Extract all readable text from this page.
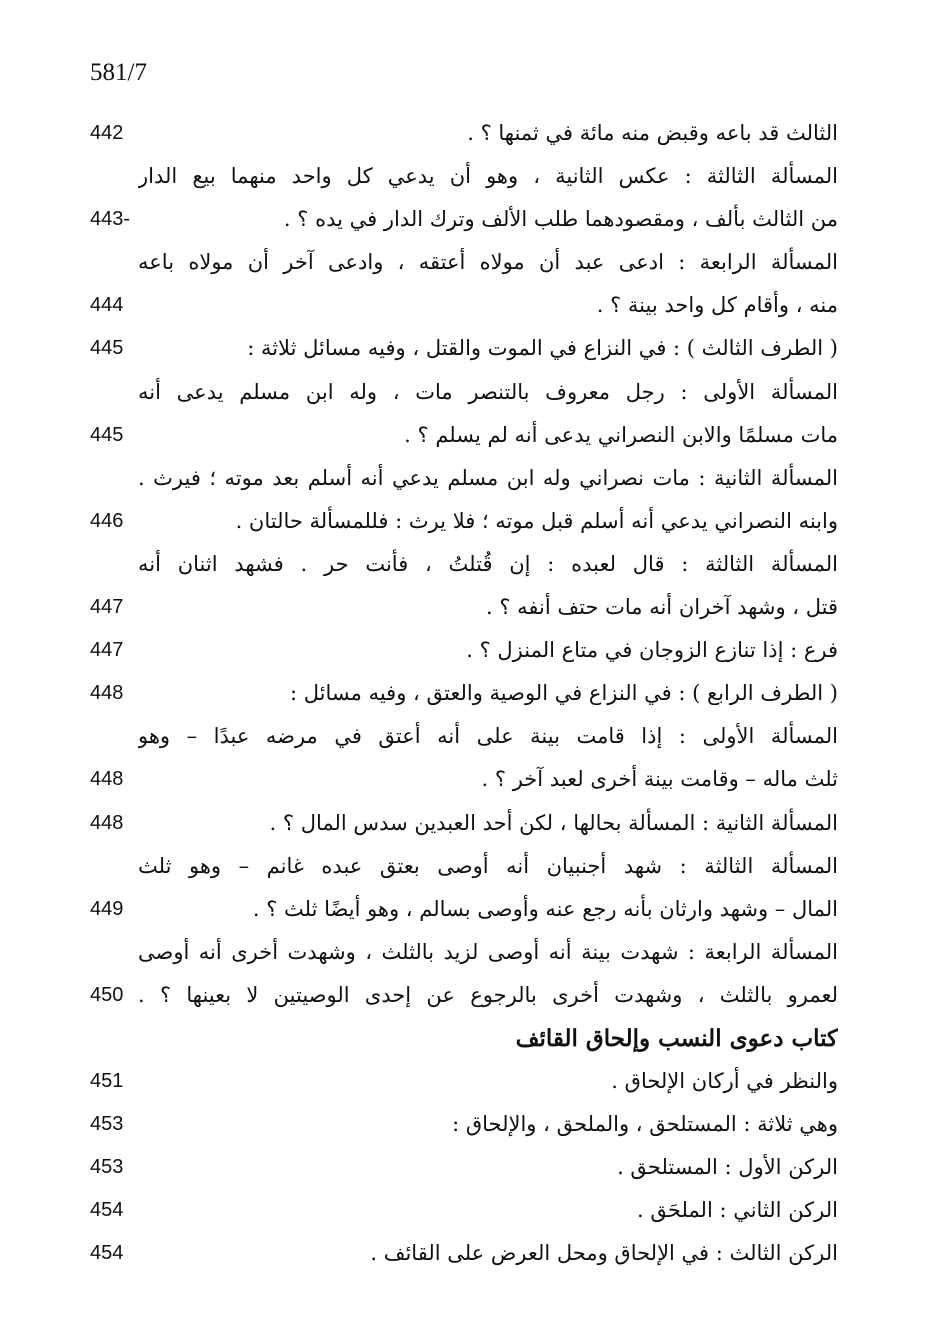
581/7
الثالث قد باعه وقبض منه مائة في ثمنها ؟ .
442
المسألة الثالثة : عكس الثانية ، وهو أن يدعي كل واحد منهما بيع الدار
من الثالث بألف ، ومقصودهما طلب الألف وترك الدار في يده ؟ .
443-
المسألة الرابعة : ادعى عبد أن مولاه أعتقه ، وادعى آخر أن مولاه باعه
منه ، وأقام كل واحد بينة ؟ .
444
( الطرف الثالث ) : في النزاع في الموت والقتل ، وفيه مسائل ثلاثة :
445
المسألة الأولى : رجل معروف بالتنصر مات ، وله ابن مسلم يدعى أنه
مات مسلمًا والابن النصراني يدعى أنه لم يسلم ؟ .
445
المسألة الثانية : مات نصراني وله ابن مسلم يدعي أنه أسلم بعد موته ؛ فيرث .
وابنه النصراني يدعي أنه أسلم قبل موته ؛ فلا يرث : فللمسألة حالتان .
446
المسألة الثالثة : قال لعبده : إن قُتلتُ ، فأنت حر . فشهد اثنان أنه
قتل ، وشهد آخران أنه مات حتف أنفه ؟ .
447
فرع : إذا تنازع الزوجان في متاع المنزل ؟ .
447
( الطرف الرابع ) : في النزاع في الوصية والعتق ، وفيه مسائل :
448
المسألة الأولى : إذا قامت بينة على أنه أعتق في مرضه عبدًا – وهو
ثلث ماله – وقامت بينة أخرى لعبد آخر ؟ .
448
المسألة الثانية : المسألة بحالها ، لكن أحد العبدين سدس المال ؟ .
448
المسألة الثالثة : شهد أجنبيان أنه أوصى بعتق عبده غانم – وهو ثلث
المال – وشهد وارثان بأنه رجع عنه وأوصى بسالم ، وهو أيضًا ثلث ؟ .
449
المسألة الرابعة : شهدت بينة أنه أوصى لزيد بالثلث ، وشهدت أخرى أنه أوصى
لعمرو بالثلث ، وشهدت أخرى بالرجوع عن إحدى الوصيتين لا بعينها ؟ .
450
كتاب دعوى النسب وإلحاق القائف
والنظر في أركان الإلحاق .
451
وهي ثلاثة : المستلحق ، والملحق ، والإلحاق :
453
الركن الأول : المستلحق .
453
الركن الثاني : الملحَق .
454
الركن الثالث : في الإلحاق ومحل العرض على القائف .
454
